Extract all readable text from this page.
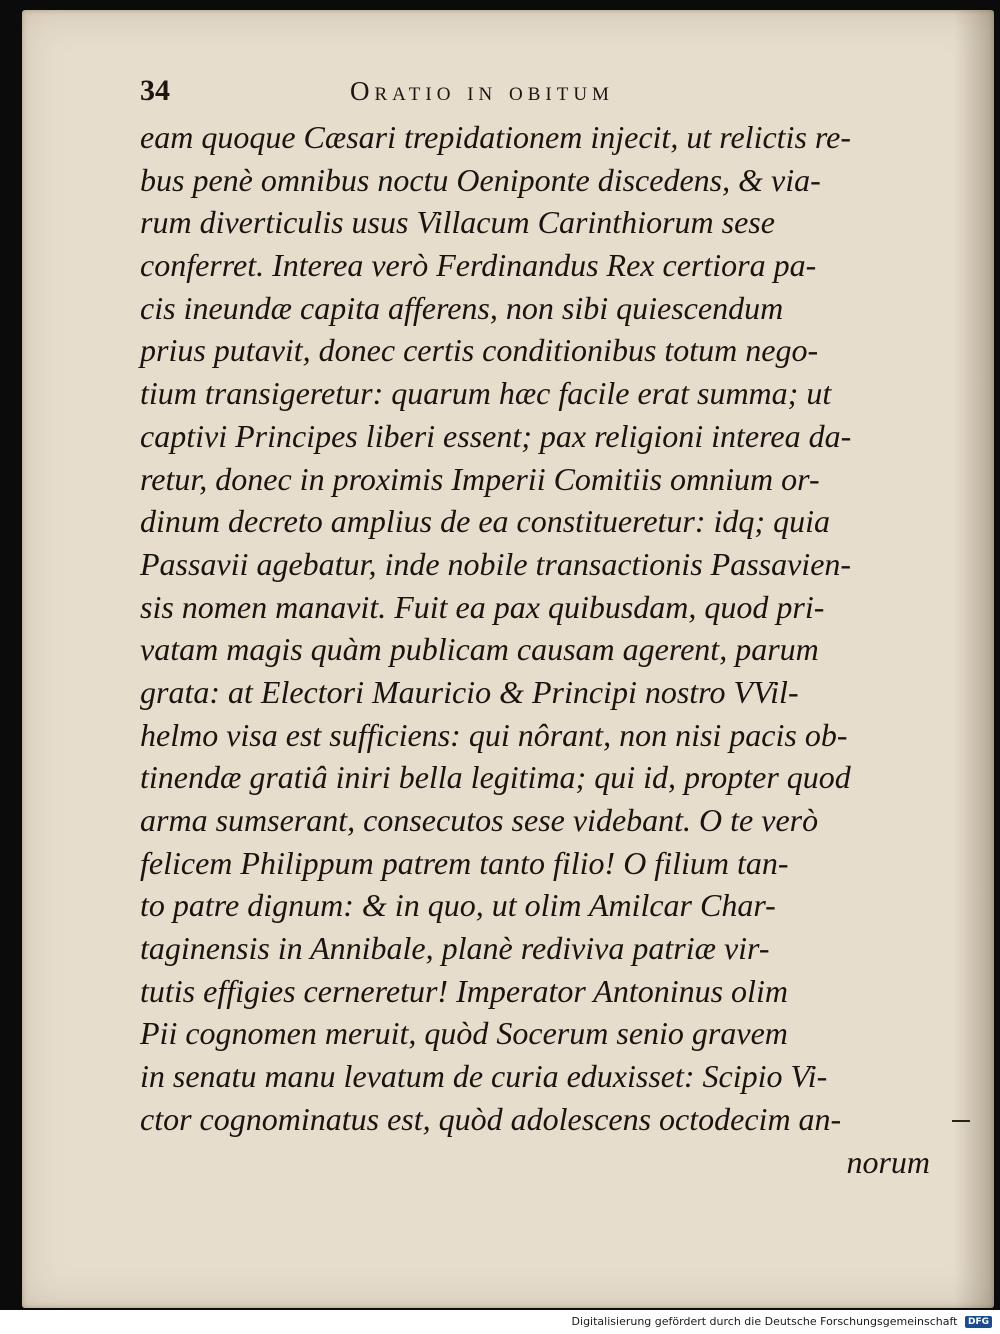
34	Oratio in obitum
eam quoque Cæsari trepidationem injecit, ut relictis re-
bus penè omnibus noctu Oeniponte discedens, & via-
rum diverticulis usus Villacum Carinthiorum sese
conferret. Interea verò Ferdinandus Rex certiora pa-
cis ineundæ capita afferens, non sibi quiescendum
prius putavit, donec certis conditionibus totum nego-
tium transigeretur: quarum hæc facile erat summa; ut
captivi Principes liberi essent; pax religioni interea da-
retur, donec in proximis Imperii Comitiis omnium or-
dinum decreto amplius de ea constitueretur: idq; quia
Passavii agebatur, inde nobile transactionis Passavien-
sis nomen manavit. Fuit ea pax quibusdam, quod pri-
vatam magis quàm publicam causam agerent, parum
grata: at Electori Mauricio & Principi nostro VVil-
helmo visa est sufficiens: qui nôrant, non nisi pacis ob-
tinendæ gratiâ iniri bella legitima; qui id, propter quod
arma sumserant, consecutos sese videbant. O te verò
felicem Philippum patrem tanto filio! O filium tan-
to patre dignum: & in quo, ut olim Amilcar Char-
taginensis in Annibale, planè rediviva patriæ vir-
tutis effigies cerneretur! Imperator Antoninus olim
Pii cognomen meruit, quòd Socerum senio gravem
in senatu manu levatum de curia eduxisset: Scipio Vi-
ctor cognominatus est, quòd adolescens octodecim an-
norum
Digitalisierung gefördert durch die Deutsche Forschungsgemeinschaft DFG
